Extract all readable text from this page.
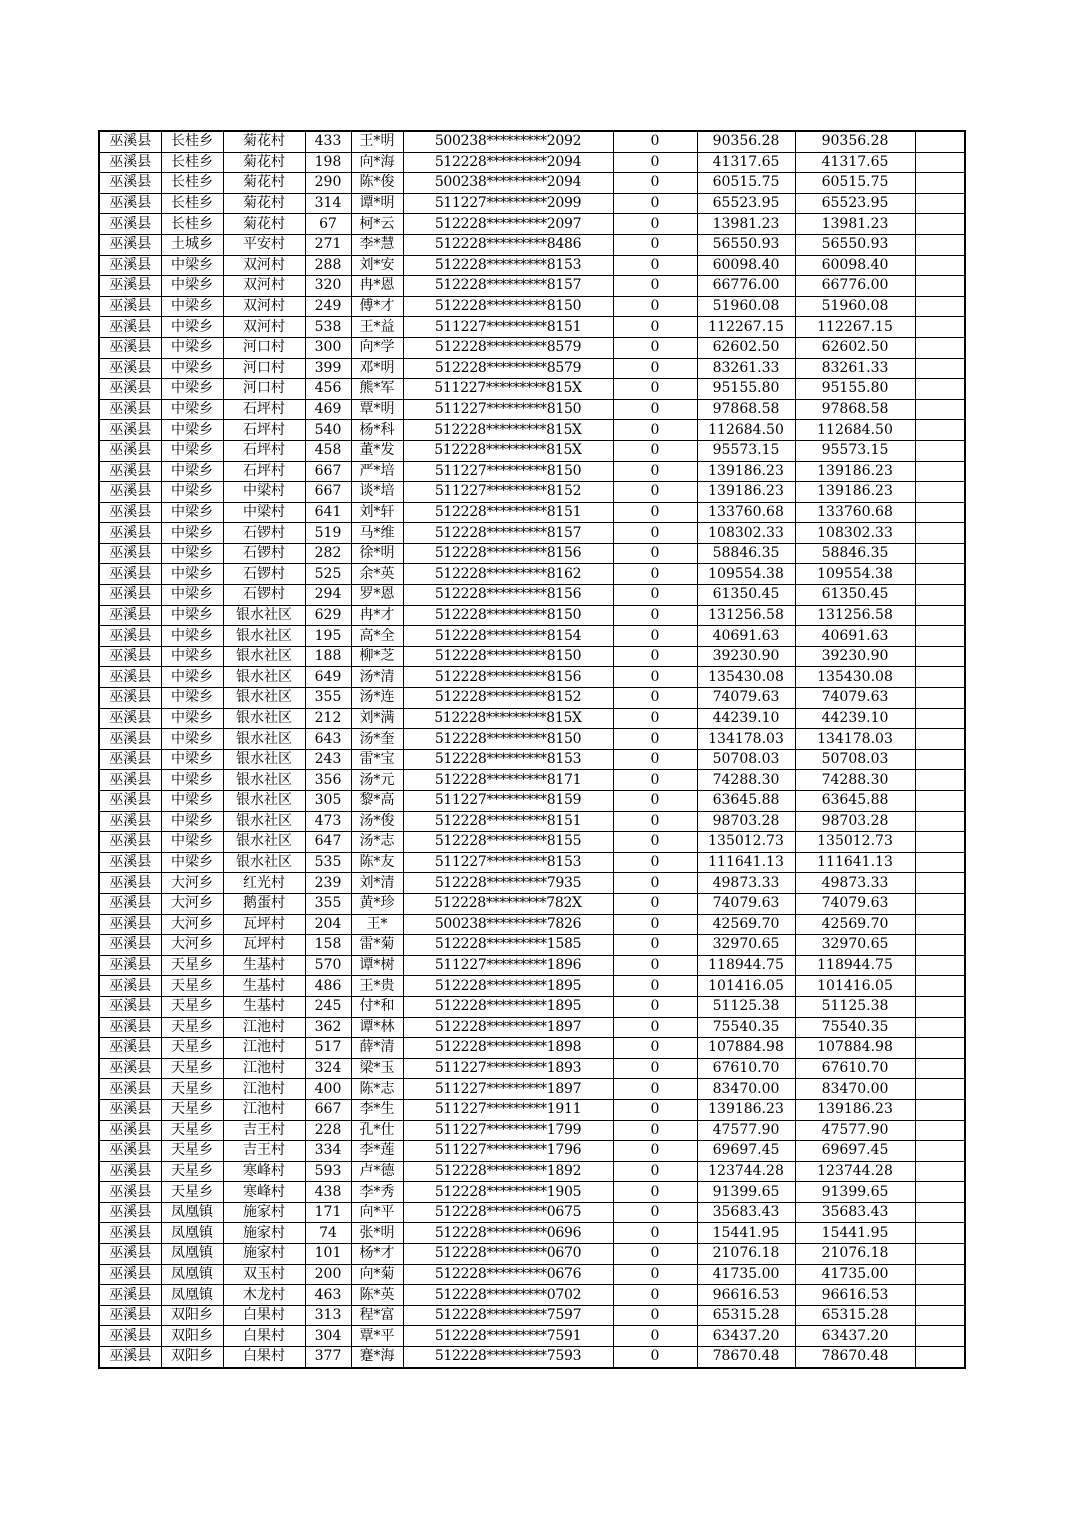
巫溪县	长桂乡	菊花村	433	王*明	500238*********2092	0	90356.28	90356.28	
巫溪县	长桂乡	菊花村	198	向*海	512228*********2094	0	41317.65	41317.65	
巫溪县	长桂乡	菊花村	290	陈*俊	500238*********2094	0	60515.75	60515.75	
巫溪县	长桂乡	菊花村	314	谭*明	511227*********2099	0	65523.95	65523.95	
巫溪县	长桂乡	菊花村	67	柯*云	512228*********2097	0	13981.23	13981.23	
巫溪县	土城乡	平安村	271	李*慧	512228*********8486	0	56550.93	56550.93	
巫溪县	中梁乡	双河村	288	刘*安	512228*********8153	0	60098.40	60098.40	
巫溪县	中梁乡	双河村	320	冉*恩	512228*********8157	0	66776.00	66776.00	
巫溪县	中梁乡	双河村	249	傅*才	512228*********8150	0	51960.08	51960.08	
巫溪县	中梁乡	双河村	538	王*益	511227*********8151	0	112267.15	112267.15	
巫溪县	中梁乡	河口村	300	向*学	512228*********8579	0	62602.50	62602.50	
巫溪县	中梁乡	河口村	399	邓*明	512228*********8579	0	83261.33	83261.33	
巫溪县	中梁乡	河口村	456	熊*军	511227*********815X	0	95155.80	95155.80	
巫溪县	中梁乡	石坪村	469	覃*明	511227*********8150	0	97868.58	97868.58	
巫溪县	中梁乡	石坪村	540	杨*科	512228*********815X	0	112684.50	112684.50	
巫溪县	中梁乡	石坪村	458	董*发	512228*********815X	0	95573.15	95573.15	
巫溪县	中梁乡	石坪村	667	严*培	511227*********8150	0	139186.23	139186.23	
巫溪县	中梁乡	中梁村	667	谈*培	511227*********8152	0	139186.23	139186.23	
巫溪县	中梁乡	中梁村	641	刘*轩	512228*********8151	0	133760.68	133760.68	
巫溪县	中梁乡	石锣村	519	马*维	512228*********8157	0	108302.33	108302.33	
巫溪县	中梁乡	石锣村	282	徐*明	512228*********8156	0	58846.35	58846.35	
巫溪县	中梁乡	石锣村	525	余*英	512228*********8162	0	109554.38	109554.38	
巫溪县	中梁乡	石锣村	294	罗*恩	512228*********8156	0	61350.45	61350.45	
巫溪县	中梁乡	银水社区	629	冉*才	512228*********8150	0	131256.58	131256.58	
巫溪县	中梁乡	银水社区	195	高*全	512228*********8154	0	40691.63	40691.63	
巫溪县	中梁乡	银水社区	188	柳*芝	512228*********8150	0	39230.90	39230.90	
巫溪县	中梁乡	银水社区	649	汤*清	512228*********8156	0	135430.08	135430.08	
巫溪县	中梁乡	银水社区	355	汤*连	512228*********8152	0	74079.63	74079.63	
巫溪县	中梁乡	银水社区	212	刘*满	512228*********815X	0	44239.10	44239.10	
巫溪县	中梁乡	银水社区	643	汤*奎	512228*********8150	0	134178.03	134178.03	
巫溪县	中梁乡	银水社区	243	雷*宝	512228*********8153	0	50708.03	50708.03	
巫溪县	中梁乡	银水社区	356	汤*元	512228*********8171	0	74288.30	74288.30	
巫溪县	中梁乡	银水社区	305	黎*高	511227*********8159	0	63645.88	63645.88	
巫溪县	中梁乡	银水社区	473	汤*俊	512228*********8151	0	98703.28	98703.28	
巫溪县	中梁乡	银水社区	647	汤*志	512228*********8155	0	135012.73	135012.73	
巫溪县	中梁乡	银水社区	535	陈*友	511227*********8153	0	111641.13	111641.13	
巫溪县	大河乡	红光村	239	刘*清	512228*********7935	0	49873.33	49873.33	
巫溪县	大河乡	鹅蛋村	355	黄*珍	512228*********782X	0	74079.63	74079.63	
巫溪县	大河乡	瓦坪村	204	王*	500238*********7826	0	42569.70	42569.70	
巫溪县	大河乡	瓦坪村	158	雷*菊	512228*********1585	0	32970.65	32970.65	
巫溪县	天星乡	生基村	570	谭*树	511227*********1896	0	118944.75	118944.75	
巫溪县	天星乡	生基村	486	王*贵	512228*********1895	0	101416.05	101416.05	
巫溪县	天星乡	生基村	245	付*和	512228*********1895	0	51125.38	51125.38	
巫溪县	天星乡	江池村	362	谭*林	512228*********1897	0	75540.35	75540.35	
巫溪县	天星乡	江池村	517	薛*清	512228*********1898	0	107884.98	107884.98	
巫溪县	天星乡	江池村	324	梁*玉	511227*********1893	0	67610.70	67610.70	
巫溪县	天星乡	江池村	400	陈*志	511227*********1897	0	83470.00	83470.00	
巫溪县	天星乡	江池村	667	李*生	511227*********1911	0	139186.23	139186.23	
巫溪县	天星乡	吉王村	228	孔*仕	511227*********1799	0	47577.90	47577.90	
巫溪县	天星乡	吉王村	334	李*莲	511227*********1796	0	69697.45	69697.45	
巫溪县	天星乡	寒峰村	593	卢*德	512228*********1892	0	123744.28	123744.28	
巫溪县	天星乡	寒峰村	438	李*秀	512228*********1905	0	91399.65	91399.65	
巫溪县	凤凰镇	施家村	171	向*平	512228*********0675	0	35683.43	35683.43	
巫溪县	凤凰镇	施家村	74	张*明	512228*********0696	0	15441.95	15441.95	
巫溪县	凤凰镇	施家村	101	杨*才	512228*********0670	0	21076.18	21076.18	
巫溪县	凤凰镇	双玉村	200	向*菊	512228*********0676	0	41735.00	41735.00	
巫溪县	凤凰镇	木龙村	463	陈*英	512228*********0702	0	96616.53	96616.53	
巫溪县	双阳乡	白果村	313	程*富	512228*********7597	0	65315.28	65315.28	
巫溪县	双阳乡	白果村	304	覃*平	512228*********7591	0	63437.20	63437.20	
巫溪县	双阳乡	白果村	377	蹇*海	512228*********7593	0	78670.48	78670.48	
